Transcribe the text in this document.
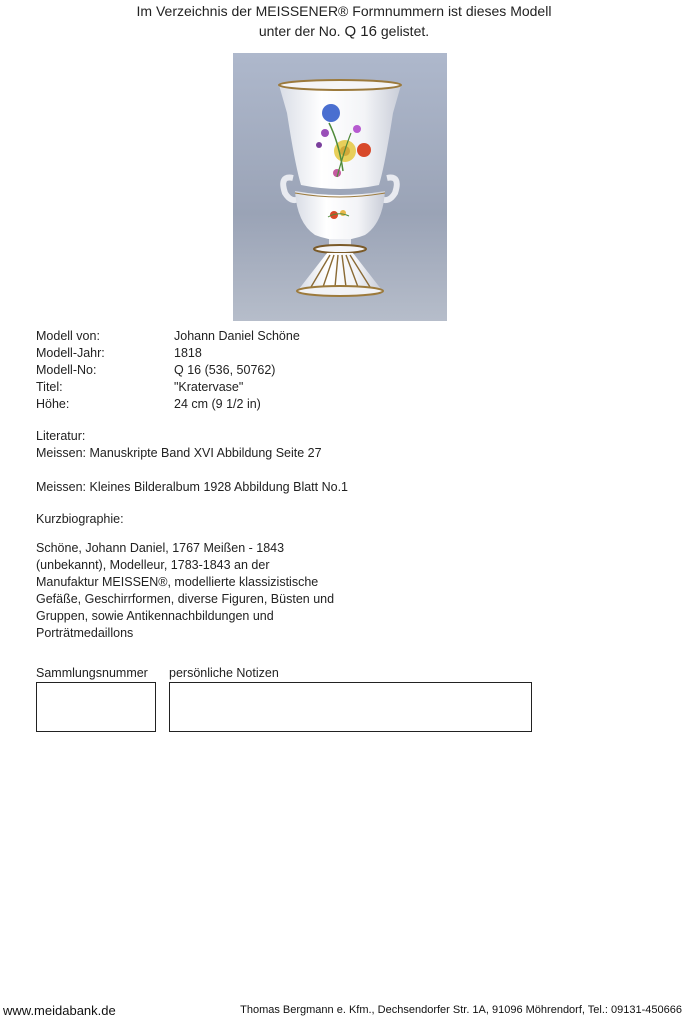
Im Verzeichnis der MEISSENER® Formnummern ist dieses Modell
unter der No. Q 16 gelistet.
Modell von:	Johann Daniel Schöne
Modell-Jahr:	1818
Modell-No:	Q 16 (536, 50762)
Titel:	"Kratervase"
Höhe:	24 cm (9 1/2 in)
Literatur:
Meissen: Manuskripte Band XVI Abbildung Seite 27
Meissen: Kleines Bilderalbum 1928 Abbildung Blatt No.1
Kurzbiographie:
Schöne, Johann Daniel, 1767 Meißen - 1843
(unbekannt), Modelleur, 1783-1843 an der
Manufaktur MEISSEN®, modellierte klassizistische
Gefäße, Geschirrformen, diverse Figuren, Büsten und
Gruppen, sowie Antikennachbildungen und
Porträtmedaillons
Sammlungsnummer persönliche Notizen
www.meidabank.de	Thomas Bergmann e. Kfm., Dechsendorfer Str. 1A, 91096 Möhrendorf, Tel.: 09131-450666
